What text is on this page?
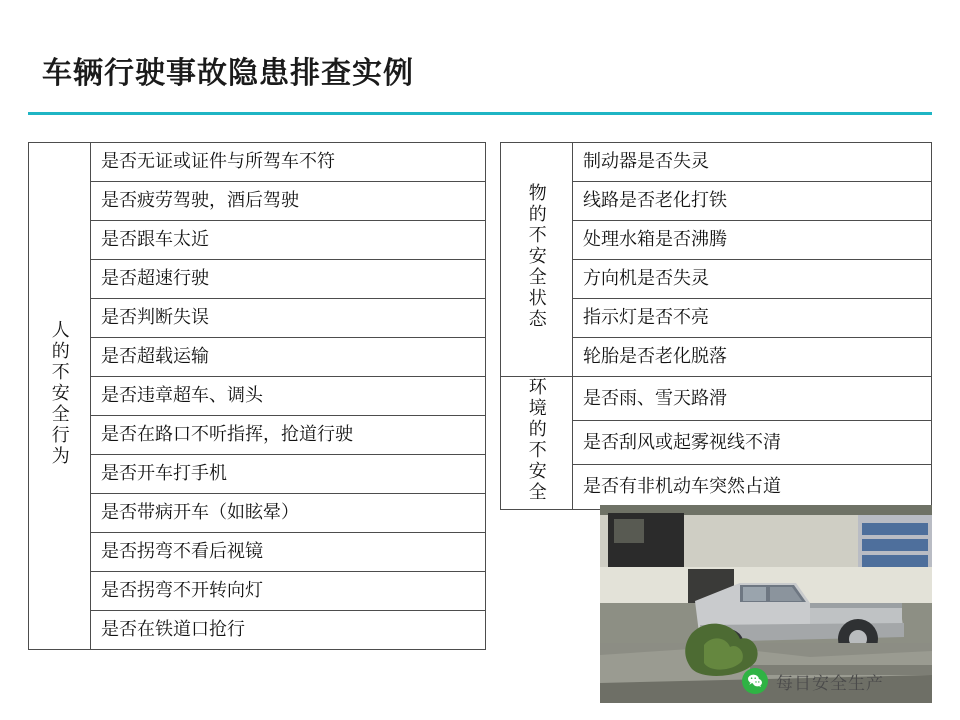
车辆行驶事故隐患排查实例
人的不安全行为	是否无证或证件与所驾车不符
是否疲劳驾驶，酒后驾驶
是否跟车太近
是否超速行驶
是否判断失误
是否超载运输
是否违章超车、调头
是否在路口不听指挥，抢道行驶
是否开车打手机
是否带病开车（如眩晕）
是否拐弯不看后视镜
是否拐弯不开转向灯
是否在铁道口抢行
物的不安全状态	制动器是否失灵
线路是否老化打铁
处理水箱是否沸腾
方向机是否失灵
指示灯是否不亮
轮胎是否老化脱落
环境的不安全	是否雨、雪天路滑
是否刮风或起雾视线不清
是否有非机动车突然占道
每日安全生产
